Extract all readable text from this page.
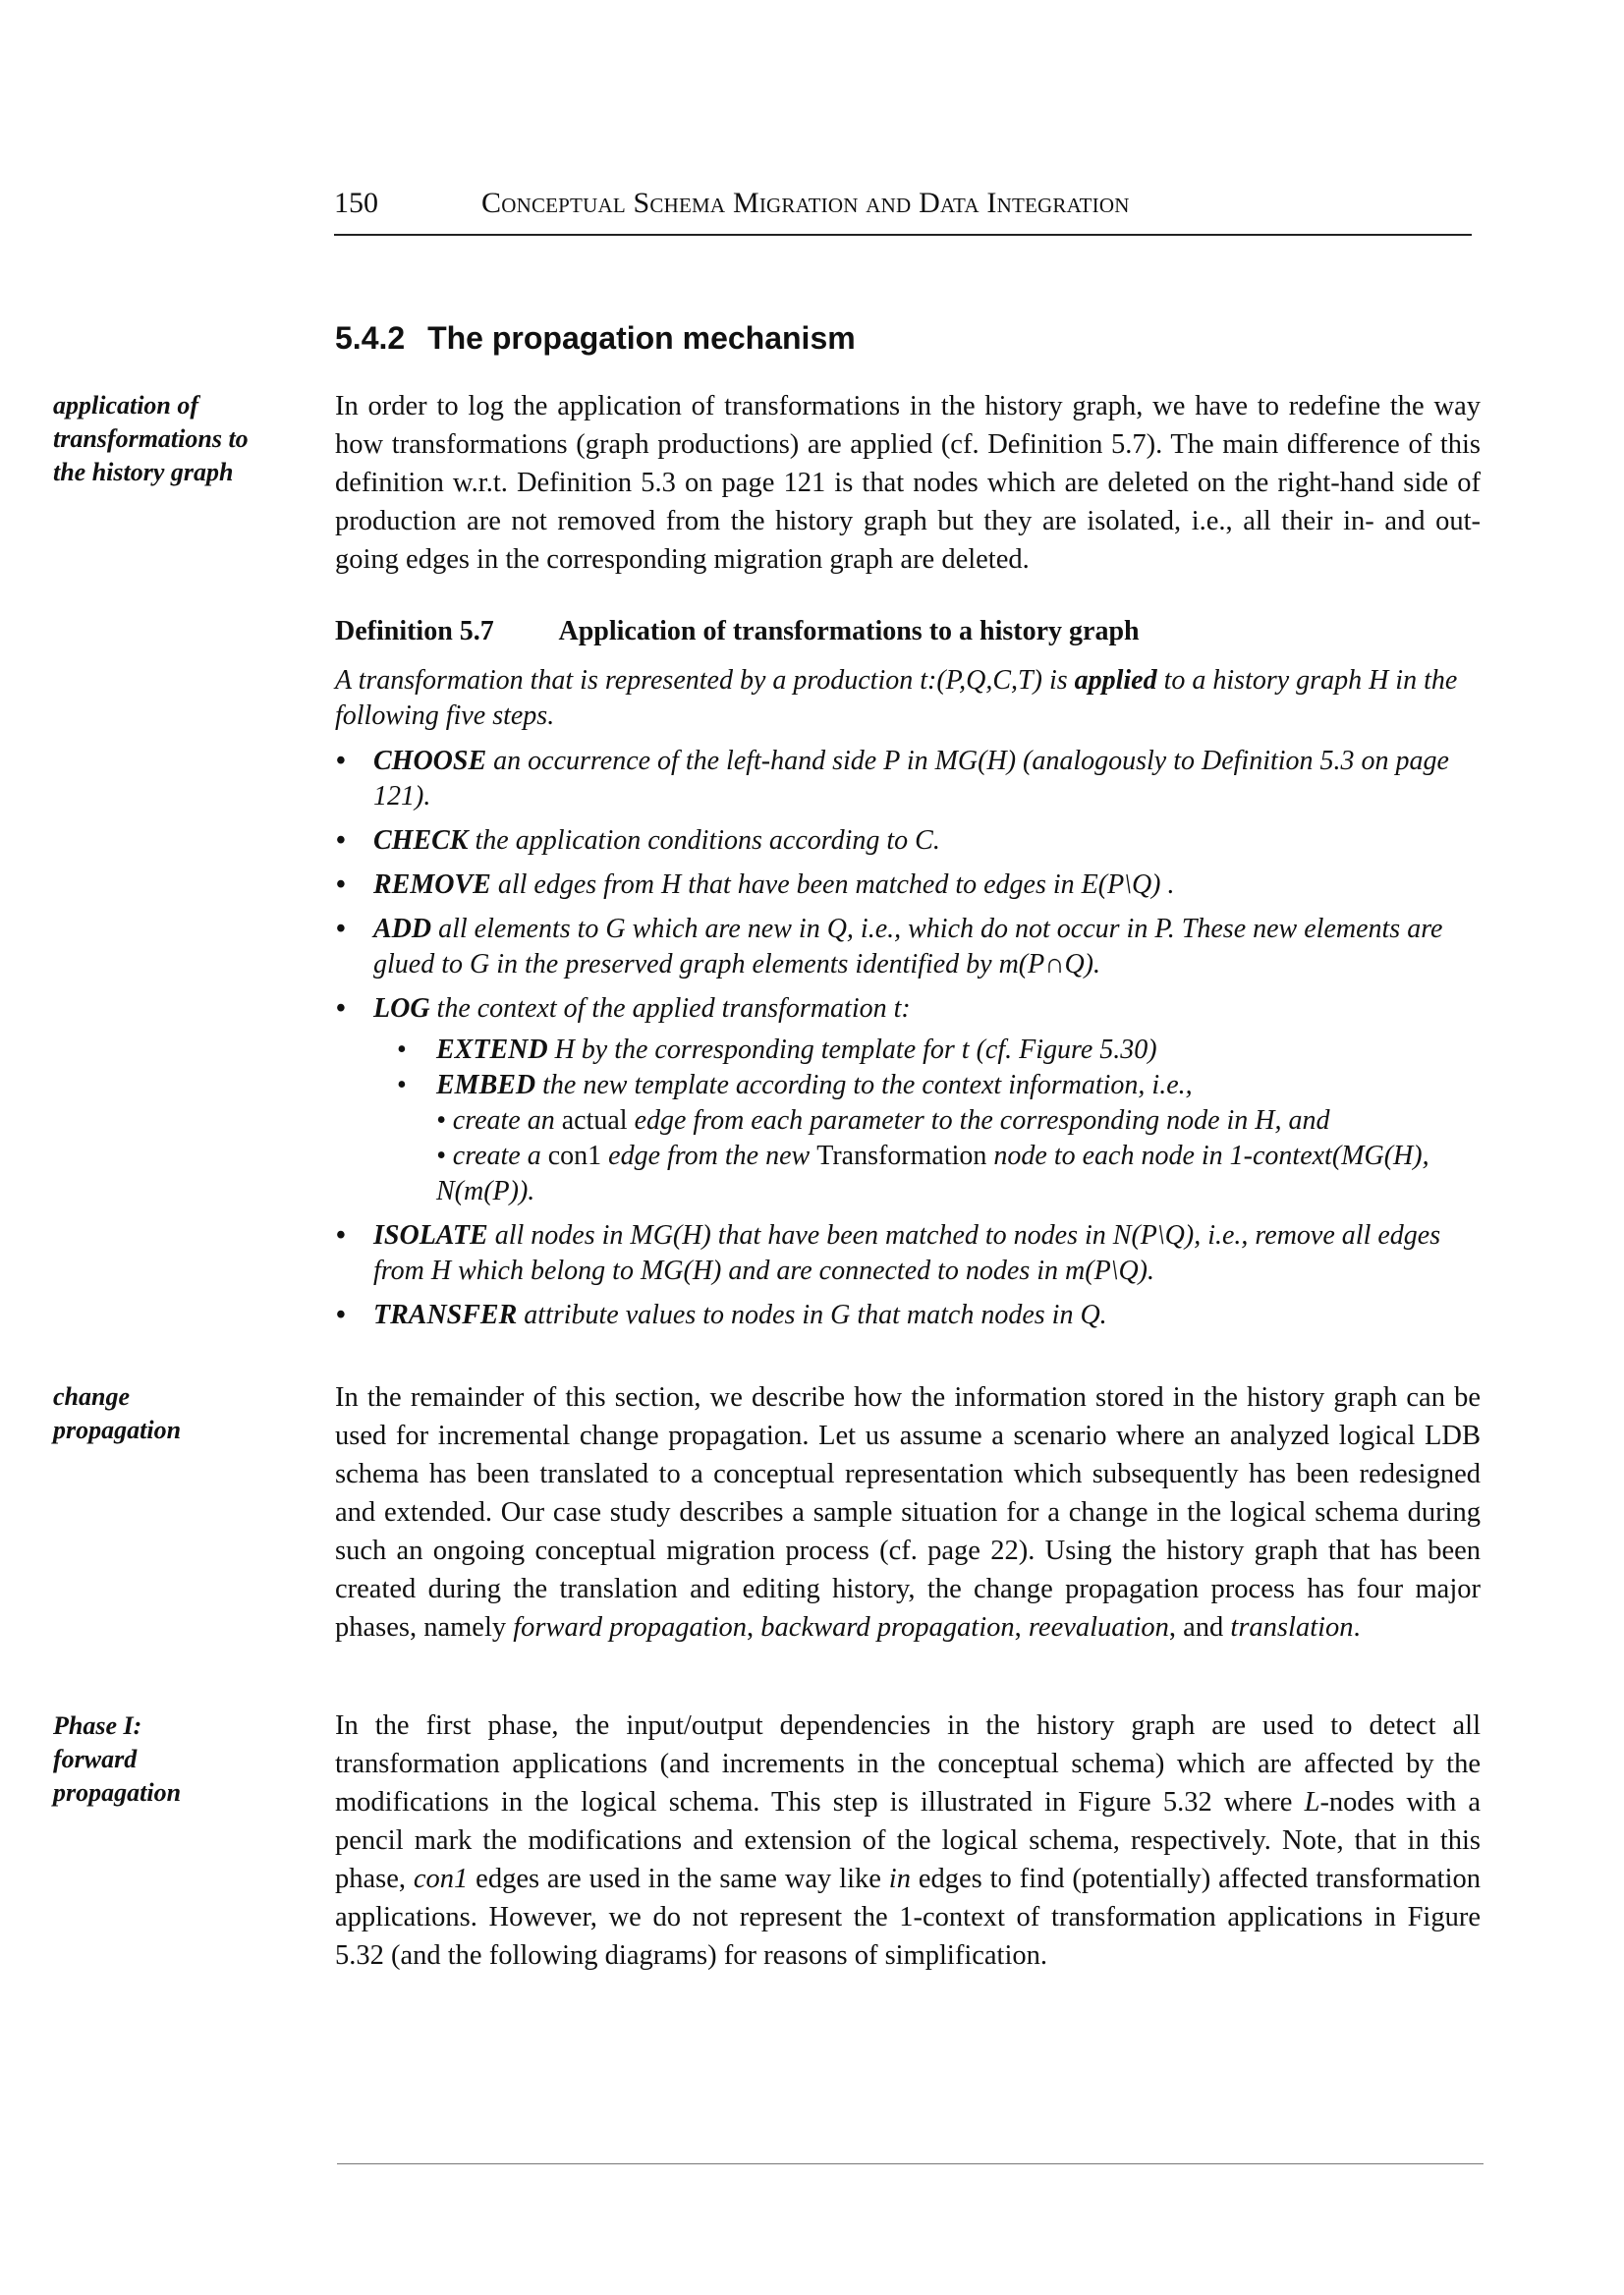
150	Conceptual Schema Migration and Data Integration
5.4.2 The propagation mechanism
application of
transformations to
the history graph
change
propagation
Phase I:
forward
propagation

In order to log the application of transformations in the history graph, we have to redefine the way how transformations (graph productions) are applied (cf. Definition 5.7). The main difference of this definition w.r.t. Definition 5.3 on page 121 is that nodes which are deleted on the right-hand side of production are not removed from the history graph but they are isolated, i.e., all their in- and out-going edges in the corresponding migration graph are deleted.

Definition 5.7 Application of transformations to a history graph

A transformation that is represented by a production t:(P,Q,C,T) is applied to a history graph H in the following five steps.

• CHOOSE an occurrence of the left-hand side P in MG(H) (analogously to Definition 5.3 on page 121).
• CHECK the application conditions according to C.
• REMOVE all edges from H that have been matched to edges in E(P\Q) .
• ADD all elements to G which are new in Q, i.e., which do not occur in P. These new elements are glued to G in the preserved graph elements identified by m(P∩Q).
• LOG the context of the applied transformation t:
• EXTEND H by the corresponding template for t (cf. Figure 5.30)
• EMBED the new template according to the context information, i.e.,
• create an actual edge from each parameter to the corresponding node in H, and
• create a con1 edge from the new Transformation node to each node in 1-context(MG(H), N(m(P)).
• ISOLATE all nodes in MG(H) that have been matched to nodes in N(P\Q), i.e., remove all edges from H which belong to MG(H) and are connected to nodes in m(P\Q).
• TRANSFER attribute values to nodes in G that match nodes in Q.

In the remainder of this section, we describe how the information stored in the history graph can be used for incremental change propagation. Let us assume a scenario where an analyzed logical LDB schema has been translated to a conceptual representation which subsequently has been redesigned and extended. Our case study describes a sample situation for a change in the logical schema during such an ongoing conceptual migration process (cf. page 22). Using the history graph that has been created during the translation and editing history, the change propagation process has four major phases, namely forward propagation, backward propagation, reevaluation, and translation.

In the first phase, the input/output dependencies in the history graph are used to detect all transformation applications (and increments in the conceptual schema) which are affected by the modifications in the logical schema. This step is illustrated in Figure 5.32 where L-nodes with a pencil mark the modifications and extension of the logical schema, respectively. Note, that in this phase, con1 edges are used in the same way like in edges to find (potentially) affected transformation applications. However, we do not represent the 1-context of transformation applications in Figure 5.32 (and the following diagrams) for reasons of simplification.
